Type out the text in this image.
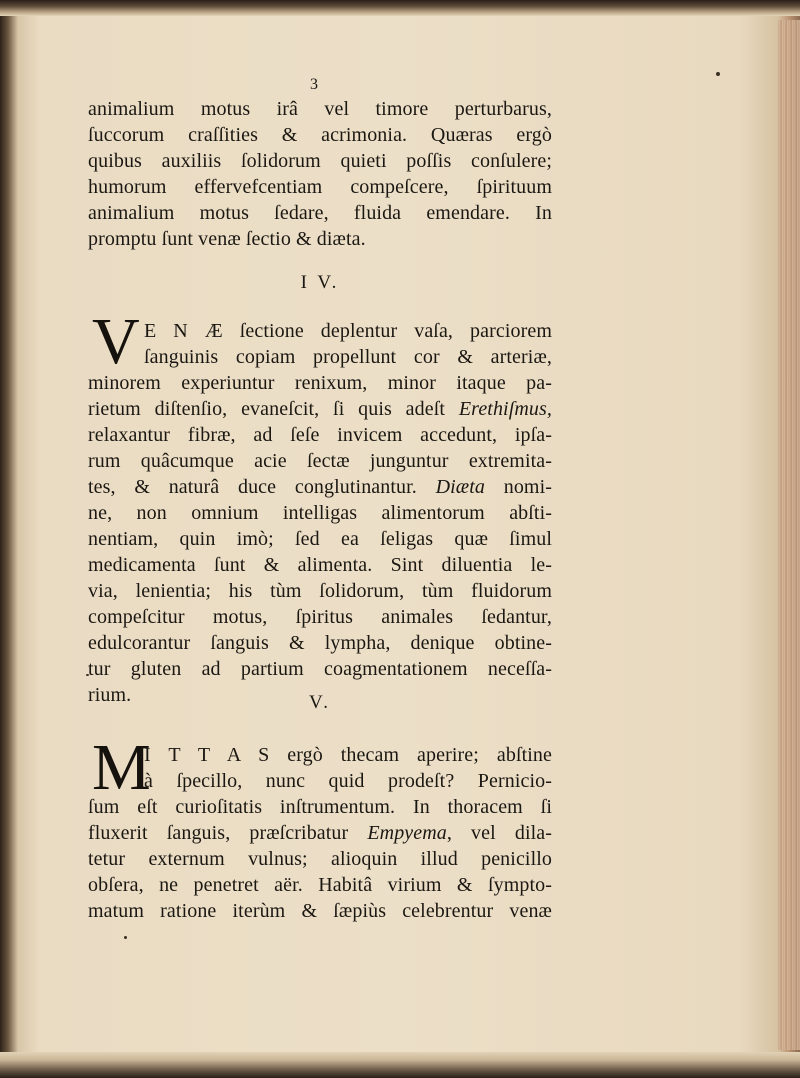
3
animalium motus irâ vel timore perturbarus,
ſuccorum craſſities & acrimonia. Quæras ergò
quibus auxiliis ſolidorum quieti poſſis conſulere;
humorum effervefcentiam compeſcere, ſpirituum
animalium motus ſedare, fluida emendare. In
promptu ſunt venæ ſectio & diæta.
I V.
V E N Æ ſectione deplentur vaſa, parciorem
ſanguinis copiam propellunt cor & arteriæ,
minorem experiuntur renixum, minor itaque pa-
rietum diſtenſio, evaneſcit, ſi quis adeſt Erethiſmus,
relaxantur fibræ, ad ſeſe invicem accedunt, ipſa-
rum quâcumque acie ſectæ junguntur extremita-
tes, & naturâ duce conglutinantur. Diæta nomi-
ne, non omnium intelligas alimentorum abſti-
nentiam, quin imò; ſed ea ſeligas quæ ſimul
medicamenta ſunt & alimenta. Sint diluentia le-
via, lenientia; his tùm ſolidorum, tùm fluidorum
compeſcitur motus, ſpiritus animales ſedantur,
edulcorantur ſanguis & lympha, denique obtine-
tur gluten ad partium coagmentationem neceſſa-
rium.	V.
M
I T T A S ergò thecam aperire; abſtine
à ſpecillo, nunc quid prodeſt? Pernicio-
ſum eſt curioſitatis inſtrumentum. In thoracem ſi
fluxerit ſanguis, præſcribatur Empyema, vel dila-
tetur externum vulnus; alioquin illud penicillo
obſera, ne penetret aër. Habitâ virium & ſympto-
matum ratione iterùm & ſæpiùs celebrentur venæ
